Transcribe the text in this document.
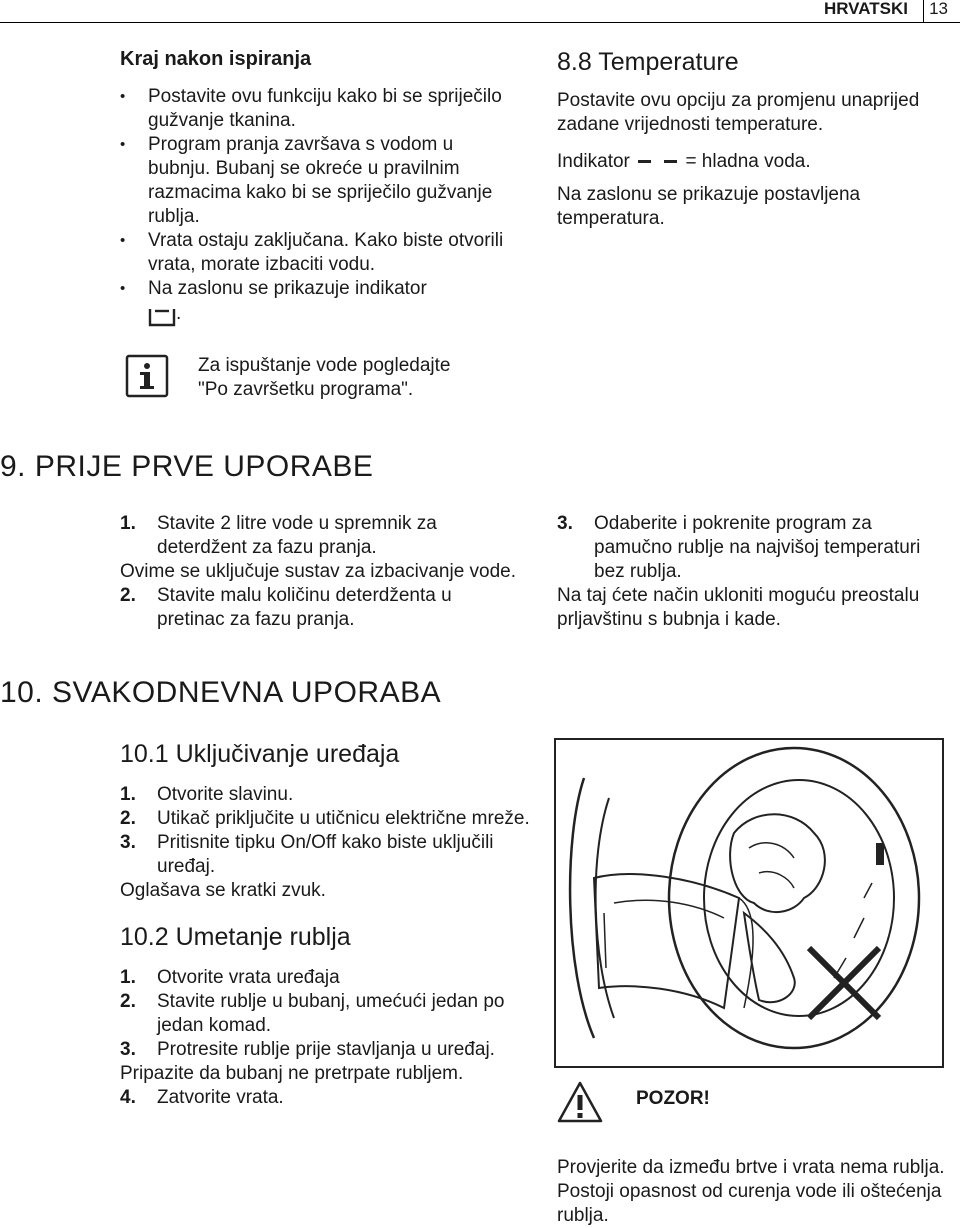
HRVATSKI 13
Kraj nakon ispiranja
• Postavite ovu funkciju kako bi se spriječilo gužvanje tkanina.
• Program pranja završava s vodom u bubnju. Bubanj se okreće u pravilnim razmacima kako bi se spriječilo gužvanje rublja.
• Vrata ostaju zaključana. Kako biste otvorili vrata, morate izbaciti vodu.
• Na zaslonu se prikazuje indikator
.
Za ispuštanje vode pogledajte "Po završetku programa".
8.8 Temperature
Postavite ovu opciju za promjenu unaprijed zadane vrijednosti temperature.
Indikator	= hladna voda.
Na zaslonu se prikazuje postavljena temperatura.
9. PRIJE PRVE UPORABE
1. Stavite 2 litre vode u spremnik za deterdžent za fazu pranja.
Ovime se uključuje sustav za izbacivanje vode.
2. Stavite malu količinu deterdženta u pretinac za fazu pranja.
3. Odaberite i pokrenite program za pamučno rublje na najvišoj temperaturi bez rublja.
Na taj ćete način ukloniti moguću preostalu prljavštinu s bubnja i kade.
10. SVAKODNEVNA UPORABA
10.1 Uključivanje uređaja
1. Otvorite slavinu.
2. Utikač priključite u utičnicu električne mreže.
3. Pritisnite tipku On/Off kako biste uključili uređaj.
Oglašava se kratki zvuk.
10.2 Umetanje rublja
1. Otvorite vrata uređaja
2. Stavite rublje u bubanj, umećući jedan po jedan komad.
3. Protresite rublje prije stavljanja u uređaj.
Pripazite da bubanj ne pretrpate rubljem.
4. Zatvorite vrata.	POZOR!
Provjerite da između brtve i vrata nema rublja. Postoji opasnost od curenja vode ili oštećenja rublja.
